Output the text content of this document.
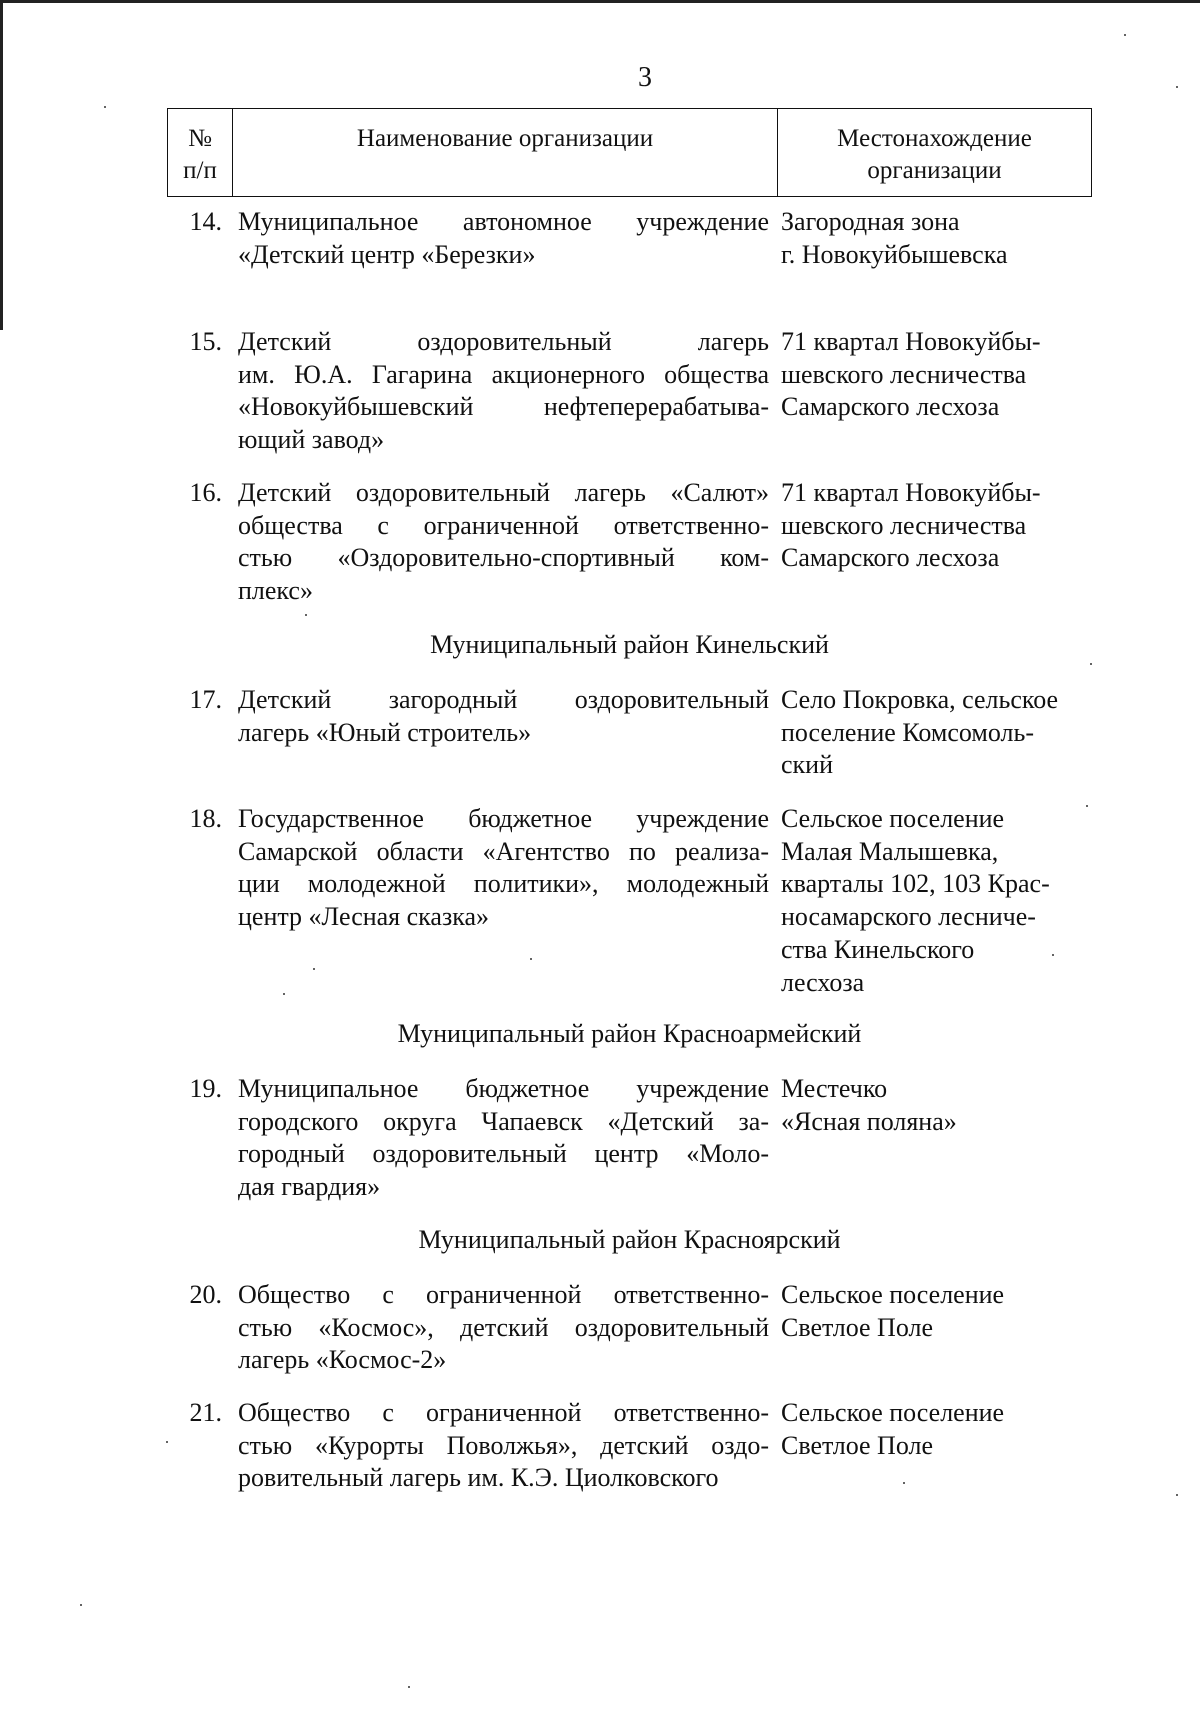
3
№
п/п
Наименование организации	Местонахождение
организации
14. Муниципальное автономное учреждение
«Детский центр «Березки»
Загородная зона
г. Новокуйбышевска
15. Детский оздоровительный лагерь
им. Ю.А. Гагарина акционерного общества
«Новокуйбышевский нефтеперерабатыва-
ющий завод»
71 квартал Новокуйбы-
шевского лесничества
Самарского лесхоза
16. Детский оздоровительный лагерь «Салют»
общества с ограниченной ответственно-
стью «Оздоровительно-спортивный ком-
плекс»
71 квартал Новокуйбы-
шевского лесничества
Самарского лесхоза
17. Детский загородный оздоровительный
лагерь «Юный строитель»
Село Покровка, сельское
поселение Комсомоль-
ский
18. Государственное бюджетное учреждение
Самарской области «Агентство по реализа-
ции молодежной политики», молодежный
центр «Лесная сказка»
Сельское поселение
Малая Малышевка,
кварталы 102, 103 Крас-
носамарского лесниче-
ства Кинельского
лесхоза
19. Муниципальное бюджетное учреждение
городского округа Чапаевск «Детский за-
городный оздоровительный центр «Моло-
дая гвардия»
Местечко
«Ясная поляна»
20. Общество с ограниченной ответственно-
стью «Космос», детский оздоровительный
лагерь «Космос-2»
Сельское поселение
Светлое Поле
21. Общество с ограниченной ответственно-
стью «Курорты Поволжья», детский оздо-
ровительный лагерь им. К.Э. Циолковского
Сельское поселение
Светлое Поле
Муниципальный район Кинельский
Муниципальный район Красноармейский
Муниципальный район Красноярский
